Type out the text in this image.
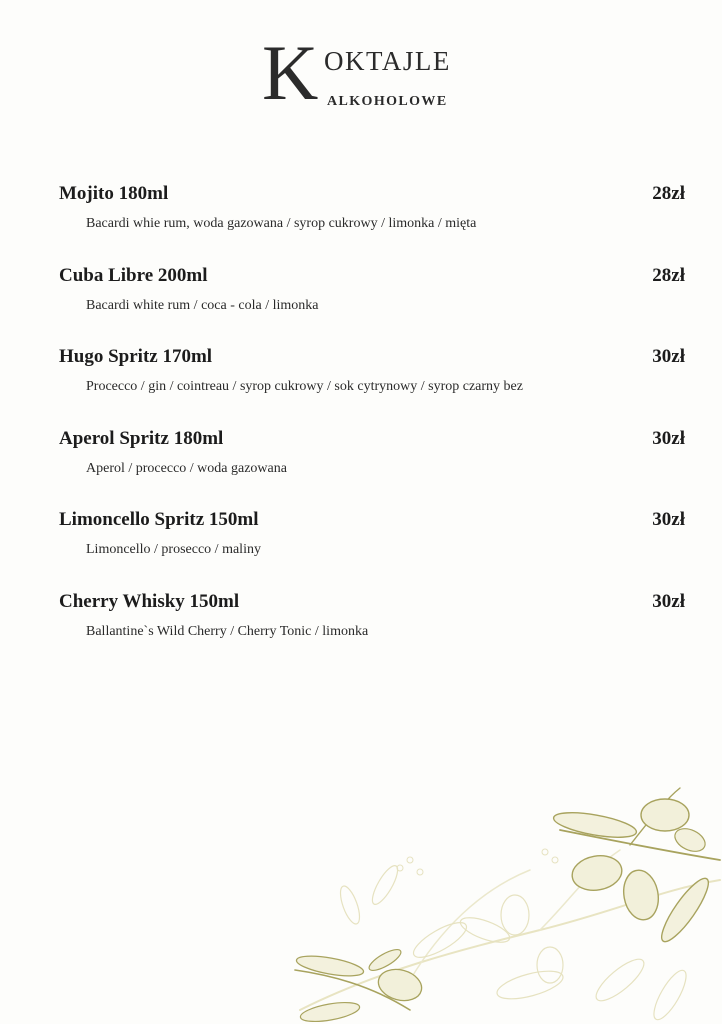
K OKTAJLE
ALKOHOLOWE
Mojito 180ml	28zł
Bacardi whie rum, woda gazowana / syrop cukrowy / limonka / mięta
Cuba Libre 200ml	28zł
Bacardi white rum / coca - cola / limonka
Hugo Spritz 170ml	30zł
Procecco / gin / cointreau / syrop cukrowy / sok cytrynowy / syrop czarny bez
Aperol Spritz 180ml	30zł
Aperol / procecco / woda gazowana
Limoncello Spritz 150ml	30zł
Limoncello / prosecco / maliny
Cherry Whisky 150ml	30zł
Ballantine`s Wild Cherry / Cherry Tonic / limonka
